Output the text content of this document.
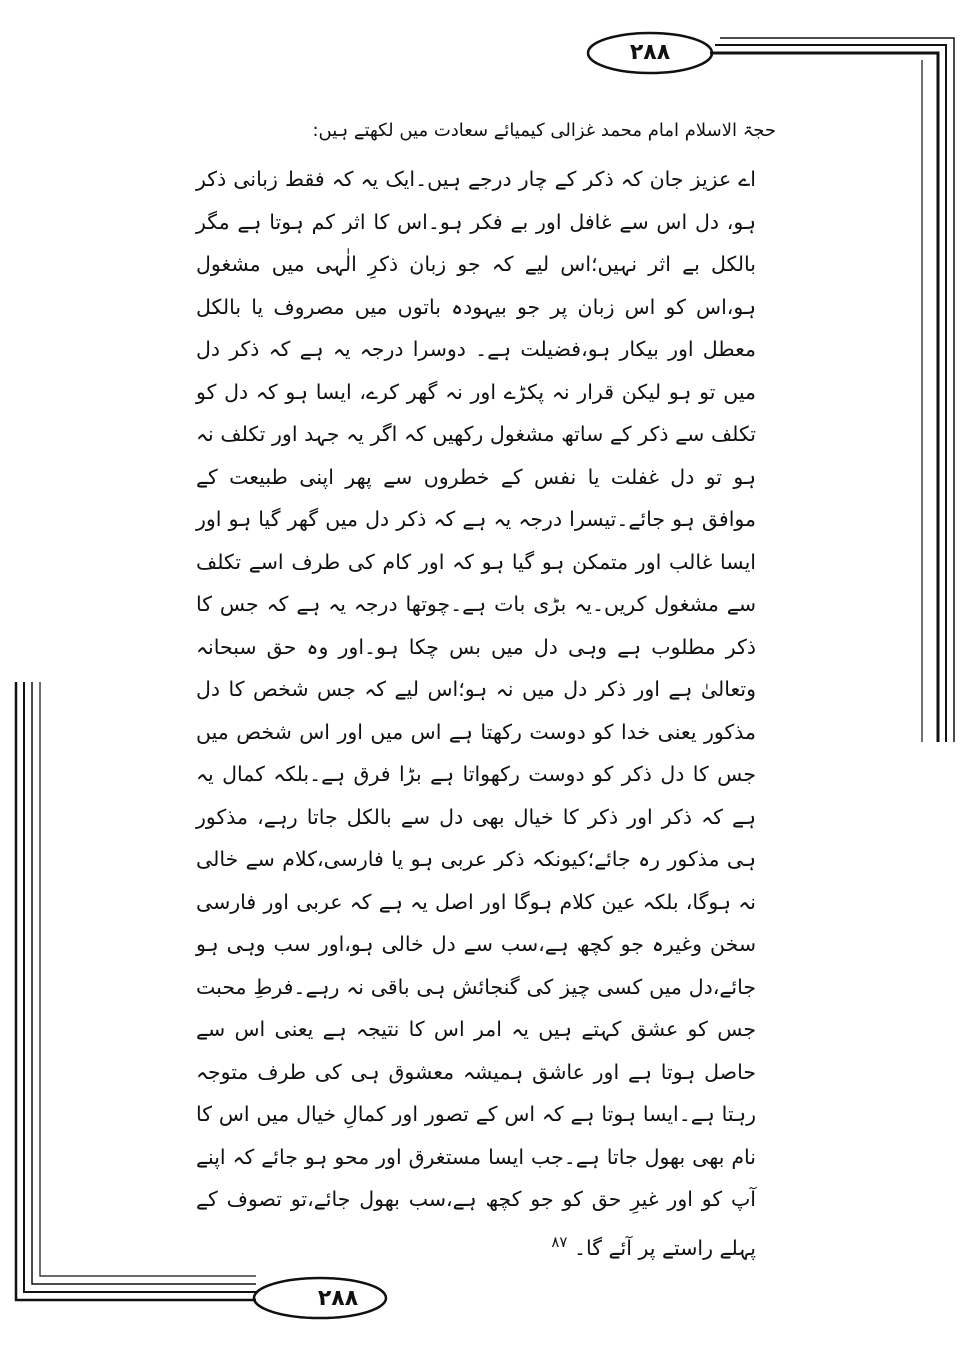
۲۸۸
حجۃ الاسلام امام محمد غزالی کیمیائے سعادت میں لکھتے ہیں:
اے عزیز جان کہ ذکر کے چار درجے ہیں۔ایک یہ کہ فقط زبانی ذکر ہو، دل اس سے غافل اور بے فکر ہو۔اس کا اثر کم ہوتا ہے مگر بالکل بے اثر نہیں؛اس لیے کہ جو زبان ذکرِ الٰہی میں مشغول ہو،اس کو اس زبان پر جو بیہودہ باتوں میں مصروف یا بالکل معطل اور بیکار ہو،فضیلت ہے۔ دوسرا درجہ یہ ہے کہ ذکر دل میں تو ہو لیکن قرار نہ پکڑے اور نہ گھر کرے، ایسا ہو کہ دل کو تکلف سے ذکر کے ساتھ مشغول رکھیں کہ اگر یہ جہد اور تکلف نہ ہو تو دل غفلت یا نفس کے خطروں سے پھر اپنی طبیعت کے موافق ہو جائے۔تیسرا درجہ یہ ہے کہ ذکر دل میں گھر گیا ہو اور ایسا غالب اور متمکن ہو گیا ہو کہ اور کام کی طرف اسے تکلف سے مشغول کریں۔یہ بڑی بات ہے۔چوتھا درجہ یہ ہے کہ جس کا ذکر مطلوب ہے وہی دل میں بس چکا ہو۔اور وہ حق سبحانہ وتعالیٰ ہے اور ذکر دل میں نہ ہو؛اس لیے کہ جس شخص کا دل مذکور یعنی خدا کو دوست رکھتا ہے اس میں اور اس شخص میں جس کا دل ذکر کو دوست رکھواتا ہے بڑا فرق ہے۔بلکہ کمال یہ ہے کہ ذکر اور ذکر کا خیال بھی دل سے بالکل جاتا رہے، مذکور ہی مذکور رہ جائے؛کیونکہ ذکر عربی ہو یا فارسی،کلام سے خالی نہ ہوگا، بلکہ عین کلام ہوگا اور اصل یہ ہے کہ عربی اور فارسی سخن وغیرہ جو کچھ ہے،سب سے دل خالی ہو،اور سب وہی ہو جائے،دل میں کسی چیز کی گنجائش ہی باقی نہ رہے۔فرطِ محبت جس کو عشق کہتے ہیں یہ امر اس کا نتیجہ ہے یعنی اس سے حاصل ہوتا ہے اور عاشق ہمیشہ معشوق ہی کی طرف متوجہ رہتا ہے۔ایسا ہوتا ہے کہ اس کے تصور اور کمالِ خیال میں اس کا نام بھی بھول جاتا ہے۔جب ایسا مستغرق اور محو ہو جائے کہ اپنے آپ کو اور غیرِ حق کو جو کچھ ہے،سب بھول جائے،تو تصوف کے پہلے راستے پر آئے گا۔ $^{۸۷}$
۲۸۸
